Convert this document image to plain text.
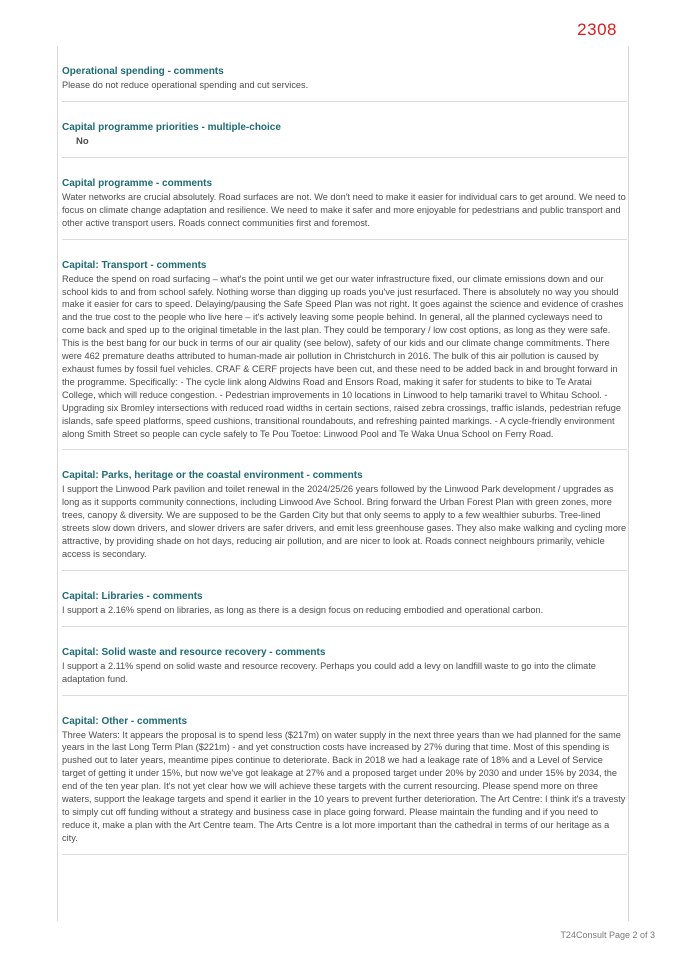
2308
Operational spending - comments

Please do not reduce operational spending and cut services.

Capital programme priorities - multiple-choice
No
Capital programme - comments

Water networks are crucial absolutely. Road surfaces are not. We don't need to make it easier for individual cars to get around. We need to focus on climate change adaptation and resilience. We need to make it safer and more enjoyable for pedestrians and public transport and other active transport users. Roads connect communities first and foremost.

Capital: Transport - comments

Reduce the spend on road surfacing – what's the point until we get our water infrastructure fixed, our climate emissions down and our school kids to and from school safely. Nothing worse than digging up roads you've just resurfaced. There is absolutely no way you should make it easier for cars to speed. Delaying/pausing the Safe Speed Plan was not right. It goes against the science and evidence of crashes and the true cost to the people who live here – it's actively leaving some people behind. In general, all the planned cycleways need to come back and sped up to the original timetable in the last plan. They could be temporary / low cost options, as long as they were safe. This is the best bang for our buck in terms of our air quality (see below), safety of our kids and our climate change commitments. There were 462 premature deaths attributed to human-made air pollution in Christchurch in 2016. The bulk of this air pollution is caused by exhaust fumes by fossil fuel vehicles. CRAF & CERF projects have been cut, and these need to be added back in and brought forward in the programme. Specifically: - The cycle link along Aldwins Road and Ensors Road, making it safer for students to bike to Te Aratai College, which will reduce congestion. - Pedestrian improvements in 10 locations in Linwood to help tamariki travel to Whitau School. - Upgrading six Bromley intersections with reduced road widths in certain sections, raised zebra crossings, traffic islands, pedestrian refuge islands, safe speed platforms, speed cushions, transitional roundabouts, and refreshing painted markings. - A cycle-friendly environment along Smith Street so people can cycle safely to Te Pou Toetoe: Linwood Pool and Te Waka Unua School on Ferry Road.

Capital: Parks, heritage or the coastal environment - comments

I support the Linwood Park pavilion and toilet renewal in the 2024/25/26 years followed by the Linwood Park development / upgrades as long as it supports community connections, including Linwood Ave School. Bring forward the Urban Forest Plan with green zones, more trees, canopy & diversity. We are supposed to be the Garden City but that only seems to apply to a few wealthier suburbs. Tree-lined streets slow down drivers, and slower drivers are safer drivers, and emit less greenhouse gases. They also make walking and cycling more attractive, by providing shade on hot days, reducing air pollution, and are nicer to look at. Roads connect neighbours primarily, vehicle access is secondary.

Capital: Libraries - comments

I support a 2.16% spend on libraries, as long as there is a design focus on reducing embodied and operational carbon.

Capital: Solid waste and resource recovery - comments

I support a 2.11% spend on solid waste and resource recovery. Perhaps you could add a levy on landfill waste to go into the climate adaptation fund.

Capital: Other - comments

Three Waters: It appears the proposal is to spend less ($217m) on water supply in the next three years than we had planned for the same years in the last Long Term Plan ($221m) - and yet construction costs have increased by 27% during that time. Most of this spending is pushed out to later years, meantime pipes continue to deteriorate. Back in 2018 we had a leakage rate of 18% and a Level of Service target of getting it under 15%, but now we've got leakage at 27% and a proposed target under 20% by 2030 and under 15% by 2034, the end of the ten year plan. It's not yet clear how we will achieve these targets with the current resourcing. Please spend more on three waters, support the leakage targets and spend it earlier in the 10 years to prevent further deterioration. The Art Centre: I think it's a travesty to simply cut off funding without a strategy and business case in place going forward. Please maintain the funding and if you need to reduce it, make a plan with the Art Centre team. The Arts Centre is a lot more important than the cathedral in terms of our heritage as a city.

T24Consult Page 2 of 3
